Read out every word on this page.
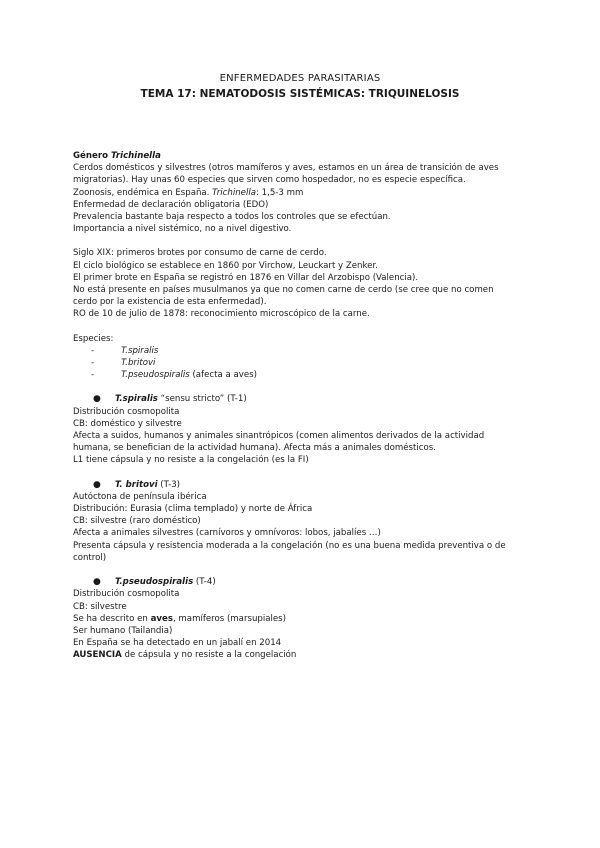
ENFERMEDADES PARASITARIAS
TEMA 17: NEMATODOSIS SISTÉMICAS: TRIQUINELOSIS
Género Trichinella
Cerdos domésticos y silvestres (otros mamíferos y aves, estamos en un área de transición de aves
migratorias). Hay unas 60 especies que sirven como hospedador, no es especie específica.
Zoonosis, endémica en España. Trichinella: 1,5-3 mm
Enfermedad de declaración obligatoria (EDO)
Prevalencia bastante baja respecto a todos los controles que se efectúan.
Importancia a nivel sistémico, no a nivel digestivo.
Siglo XIX: primeros brotes por consumo de carne de cerdo.
El ciclo biológico se establece en 1860 por Virchow, Leuckart y Zenker.
El primer brote en España se registró en 1876 en Villar del Arzobispo (Valencia).
No está presente en países musulmanos ya que no comen carne de cerdo (se cree que no comen
cerdo por la existencia de esta enfermedad).
RO de 10 de julio de 1878: reconocimiento microscópico de la carne.
Especies:
-	T.spiralis
-	T.britovi
-	T.pseudospiralis (afecta a aves)
● T.spiralis “sensu stricto” (T-1)
Distribución cosmopolita
CB: doméstico y silvestre
Afecta a suidos, humanos y animales sinantrópicos (comen alimentos derivados de la actividad
humana, se benefician de la actividad humana). Afecta más a animales domésticos.
L1 tiene cápsula y no resiste a la congelación (es la FI)
● T. britovi (T-3)
Autóctona de península ibérica
Distribución: Eurasia (clima templado) y norte de África
CB: silvestre (raro doméstico)
Afecta a animales silvestres (carnívoros y omnívoros: lobos, jabalíes …)
Presenta cápsula y resistencia moderada a la congelación (no es una buena medida preventiva o de
control)
● T.pseudospiralis (T-4)
Distribución cosmopolita
CB: silvestre
Se ha descrito en aves, mamíferos (marsupiales)
Ser humano (Tailandia)
En España se ha detectado en un jabalí en 2014
AUSENCIA de cápsula y no resiste a la congelación
